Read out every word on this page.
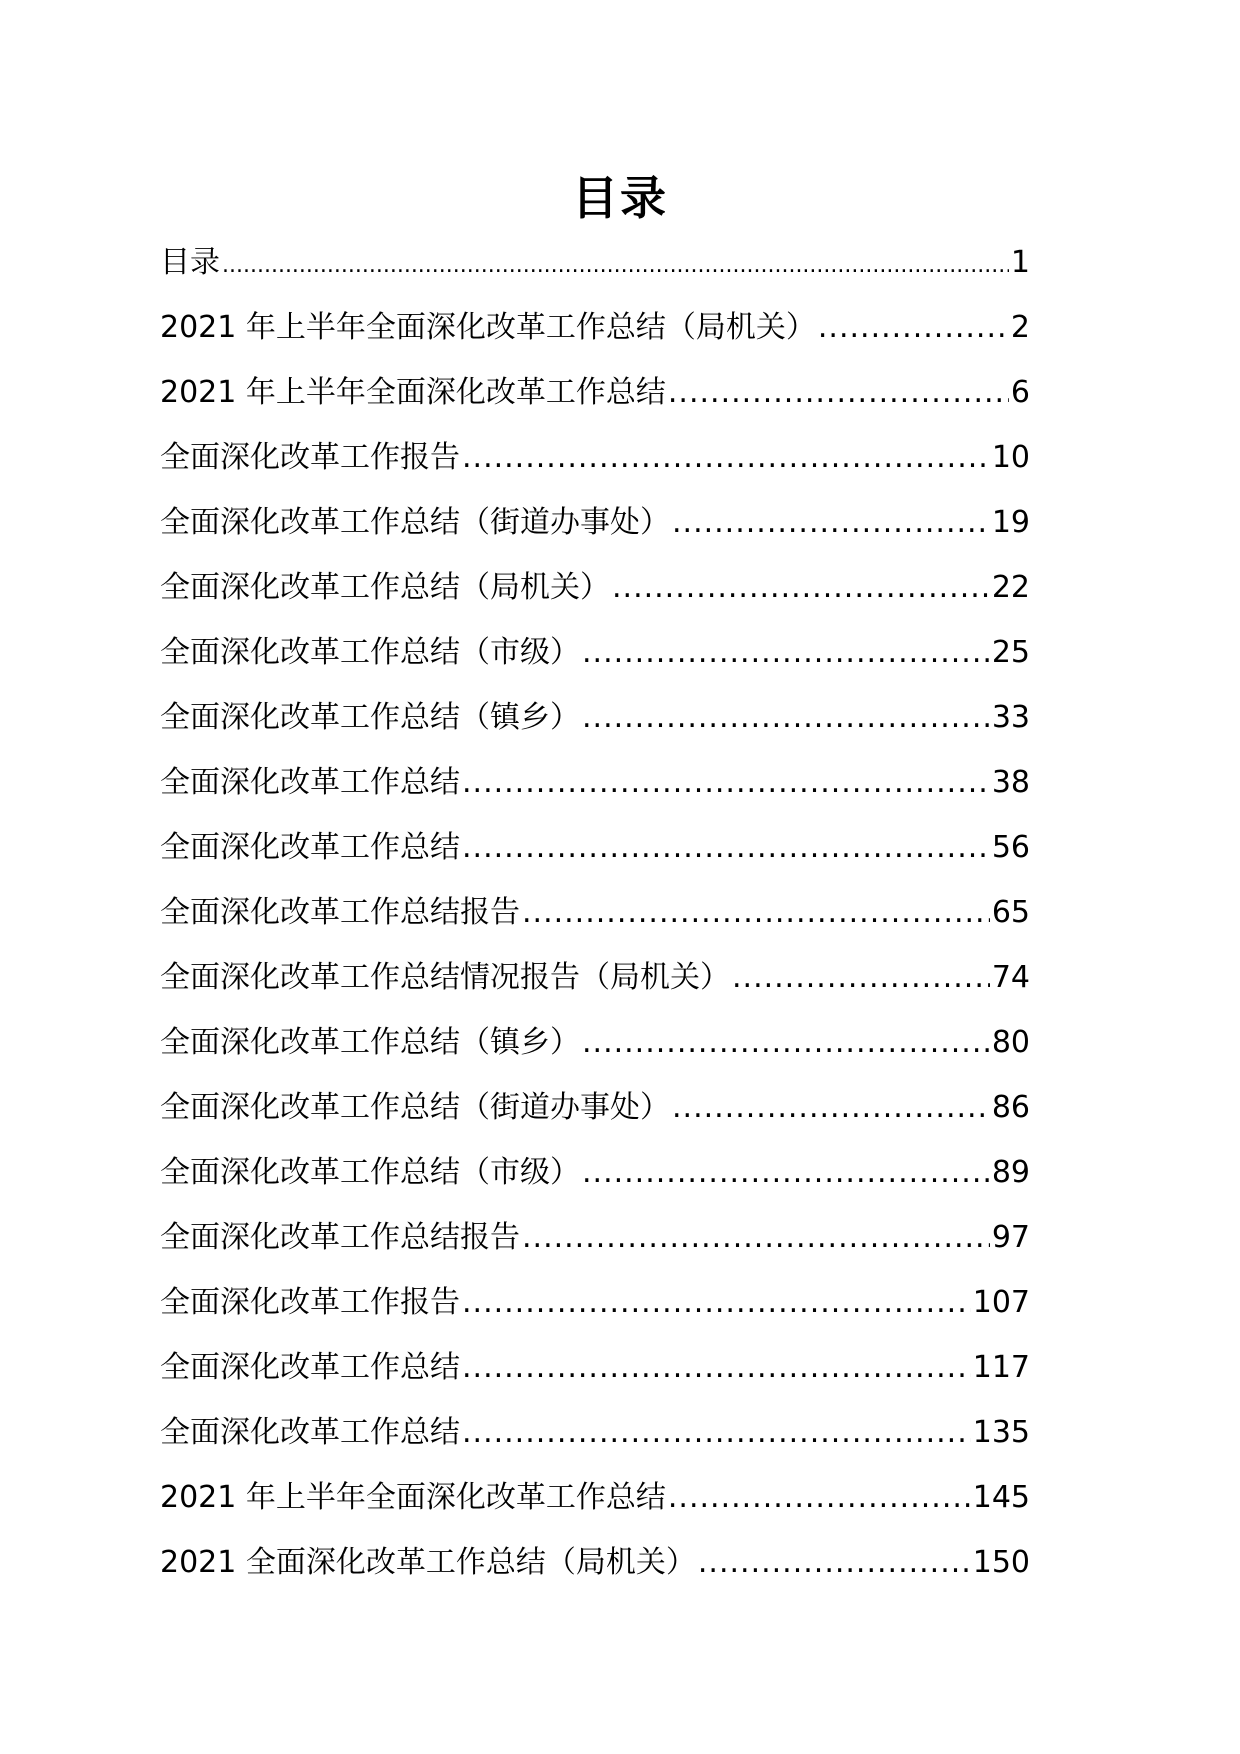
目录
目录 .....	1
2021 年上半年全面深化改革工作总结（局机关） .....	2
2021 年上半年全面深化改革工作总结 .....	6
全面深化改革工作报告 .....	10
全面深化改革工作总结（街道办事处） .....	19
全面深化改革工作总结（局机关） .....	22
全面深化改革工作总结（市级） .....	25
全面深化改革工作总结（镇乡） .....	33
全面深化改革工作总结 .....	38
全面深化改革工作总结 .....	56
全面深化改革工作总结报告 .....	65
全面深化改革工作总结情况报告（局机关） .....	74
全面深化改革工作总结（镇乡） .....	80
全面深化改革工作总结（街道办事处） .....	86
全面深化改革工作总结（市级） .....	89
全面深化改革工作总结报告 .....	97
全面深化改革工作报告 .....	107
全面深化改革工作总结 .....	117
全面深化改革工作总结 .....	135
2021 年上半年全面深化改革工作总结 .....	145
2021 全面深化改革工作总结（局机关） .....	150
